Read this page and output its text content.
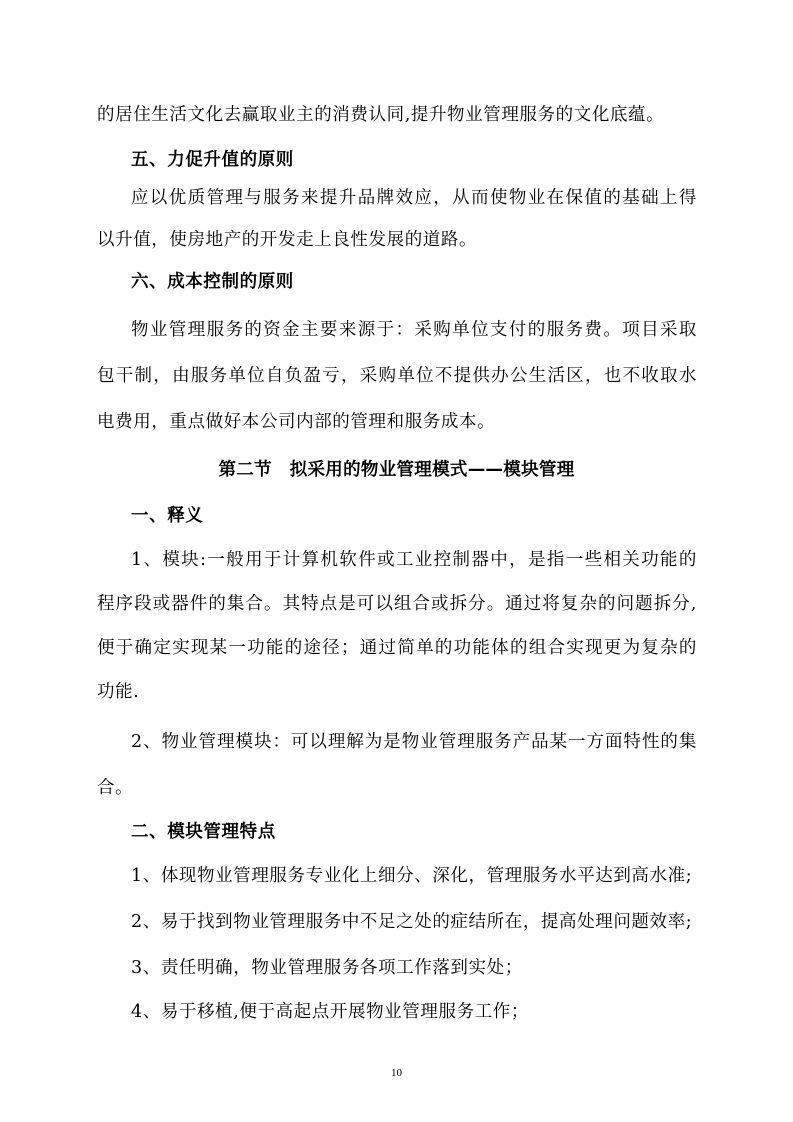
的居住生活文化去赢取业主的消费认同,提升物业管理服务的文化底蕴。
五、力促升值的原则
应以优质管理与服务来提升品牌效应，从而使物业在保值的基础上得
以升值，使房地产的开发走上良性发展的道路。
六、成本控制的原则
物业管理服务的资金主要来源于：采购单位支付的服务费。项目采取
包干制，由服务单位自负盈亏，采购单位不提供办公生活区，也不收取水
电费用，重点做好本公司内部的管理和服务成本。
第二节　拟采用的物业管理模式——模块管理
一、释义
1、模块:一般用于计算机软件或工业控制器中，是指一些相关功能的
程序段或器件的集合。其特点是可以组合或拆分。通过将复杂的问题拆分,
便于确定实现某一功能的途径；通过简单的功能体的组合实现更为复杂的
功能.
2、物业管理模块：可以理解为是物业管理服务产品某一方面特性的集
合。
二、模块管理特点
1、体现物业管理服务专业化上细分、深化，管理服务水平达到高水准;
2、易于找到物业管理服务中不足之处的症结所在，提高处理问题效率;
3、责任明确，物业管理服务各项工作落到实处；
4、易于移植,便于高起点开展物业管理服务工作；
10
